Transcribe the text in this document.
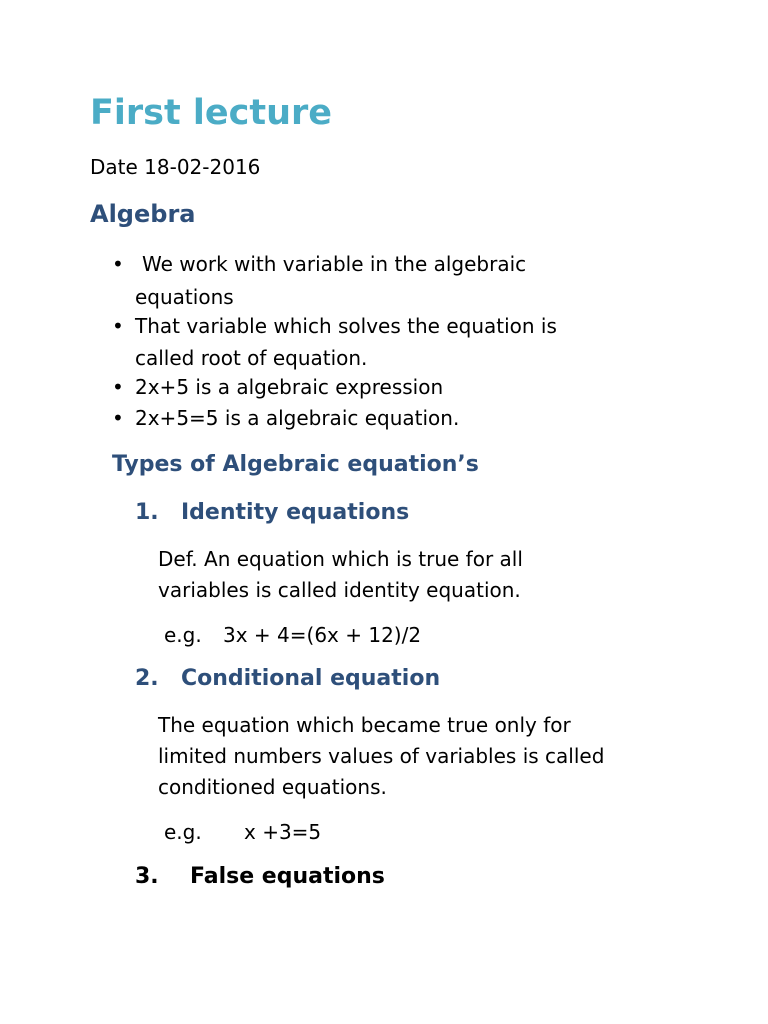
First lecture

Date 18-02-2016

Algebra
• We work with variable in the algebraic
equations
• That variable which solves the equation is
called root of equation.
• 2x+5 is a algebraic expression
• 2x+5=5 is a algebraic equation.
Types of Algebraic equation’s
1. Identity equations
Def. An equation which is true for all
variables is called identity equation.
e.g. 3x + 4=(6x + 12)/2
2. Conditional equation
The equation which became true only for
limited numbers values of variables is called
conditioned equations.
e.g. x +3=5
3. False equations
